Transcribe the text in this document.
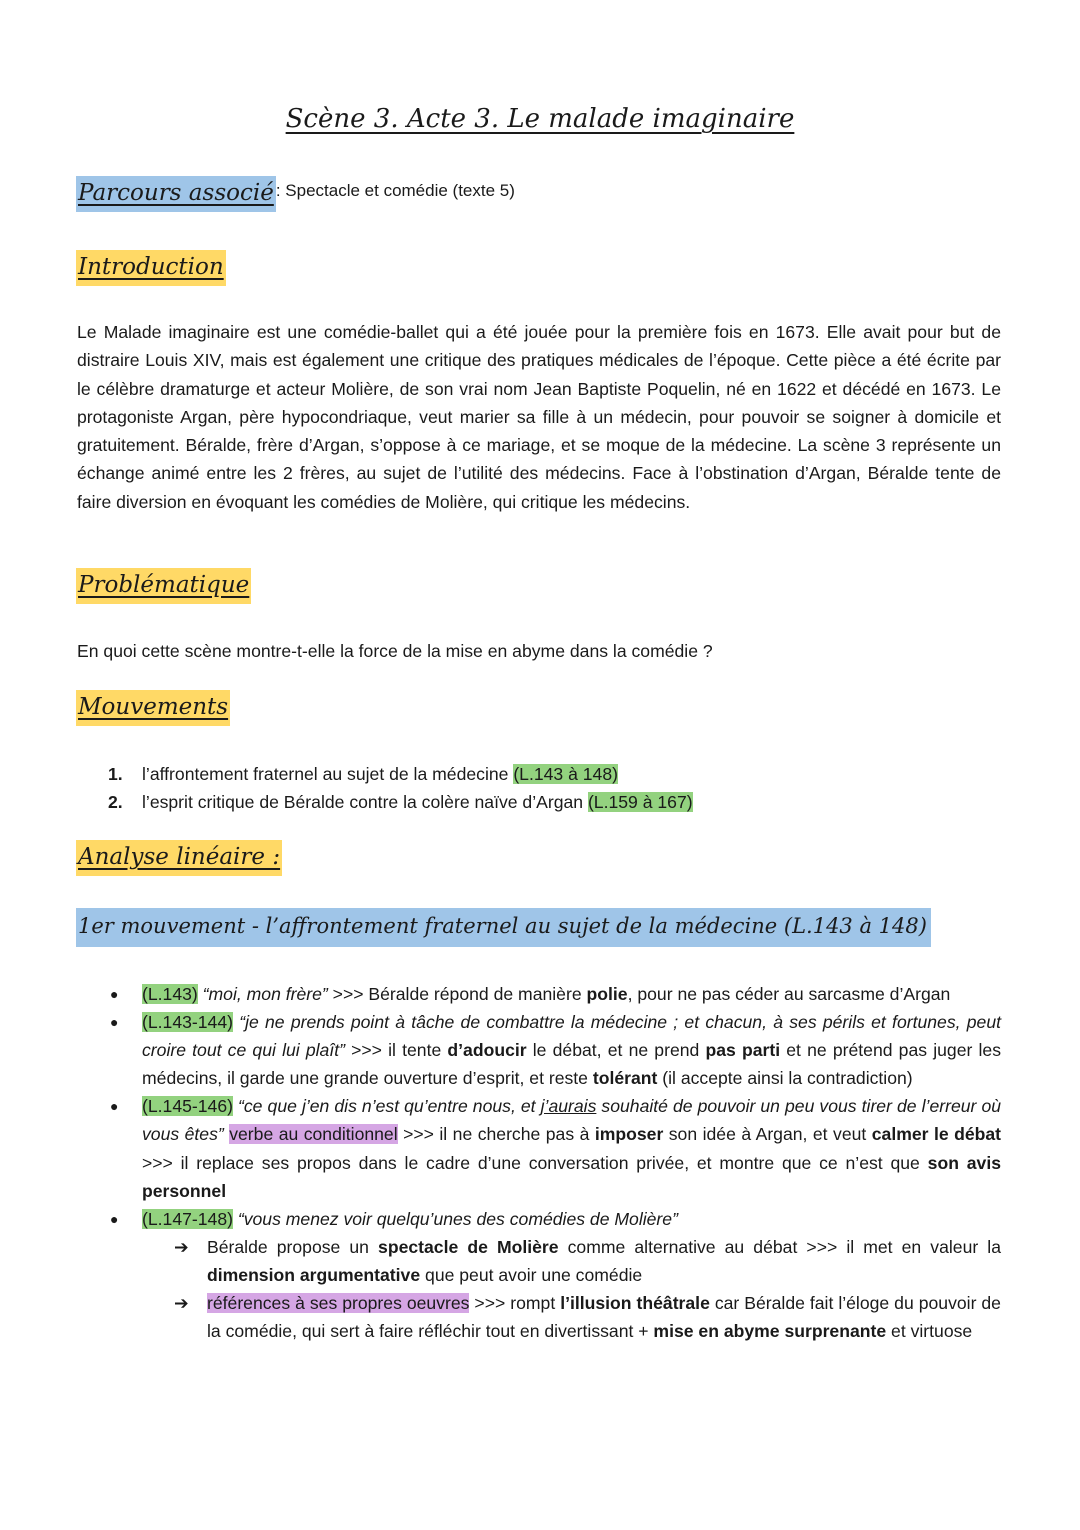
Scène 3. Acte 3. Le malade imaginaire
Parcours associé : Spectacle et comédie (texte 5)
Introduction

Le Malade imaginaire est une comédie-ballet qui a été jouée pour la première fois en 1673. Elle avait pour but de distraire Louis XIV, mais est également une critique des pratiques médicales de l’époque. Cette pièce a été écrite par le célèbre dramaturge et acteur Molière, de son vrai nom Jean Baptiste Poquelin, né en 1622 et décédé en 1673. Le protagoniste Argan, père hypocondriaque, veut marier sa fille à un médecin, pour pouvoir se soigner à domicile et gratuitement. Béralde, frère d’Argan, s’oppose à ce mariage, et se moque de la médecine. La scène 3 représente un échange animé entre les 2 frères, au sujet de l’utilité des médecins. Face à l’obstination d’Argan, Béralde tente de faire diversion en évoquant les comédies de Molière, qui critique les médecins.

Problématique

En quoi cette scène montre-t-elle la force de la mise en abyme dans la comédie ?

Mouvements
1.	l’affrontement fraternel au sujet de la médecine (L.143 à 148)
2.	l’esprit critique de Béralde contre la colère naïve d’Argan (L.159 à 167)
Analyse linéaire :
1er mouvement - l’affrontement fraternel au sujet de la médecine (L.143 à 148)
● (L.143) “moi, mon frère” >>> Béralde répond de manière polie, pour ne pas céder au sarcasme d’Argan
● (L.143-144) “je ne prends point à tâche de combattre la médecine ; et chacun, à ses périls et fortunes, peut croire tout ce qui lui plaît” >>> il tente d’adoucir le débat, et ne prend pas parti et ne prétend pas juger les médecins, il garde une grande ouverture d’esprit, et reste tolérant (il accepte ainsi la contradiction)
● (L.145-146) “ce que j’en dis n’est qu’entre nous, et j’aurais souhaité de pouvoir un peu vous tirer de l’erreur où vous êtes” verbe au conditionnel >>> il ne cherche pas à imposer son idée à Argan, et veut calmer le débat >>> il replace ses propos dans le cadre d’une conversation privée, et montre que ce n’est que son avis personnel
● (L.147-148) “vous menez voir quelqu’unes des comédies de Molière”
➔ Béralde propose un spectacle de Molière comme alternative au débat >>> il met en valeur la dimension argumentative que peut avoir une comédie
➔ références à ses propres oeuvres >>> rompt l’illusion théâtrale car Béralde fait l’éloge du pouvoir de la comédie, qui sert à faire réfléchir tout en divertissant + mise en abyme surprenante et virtuose
